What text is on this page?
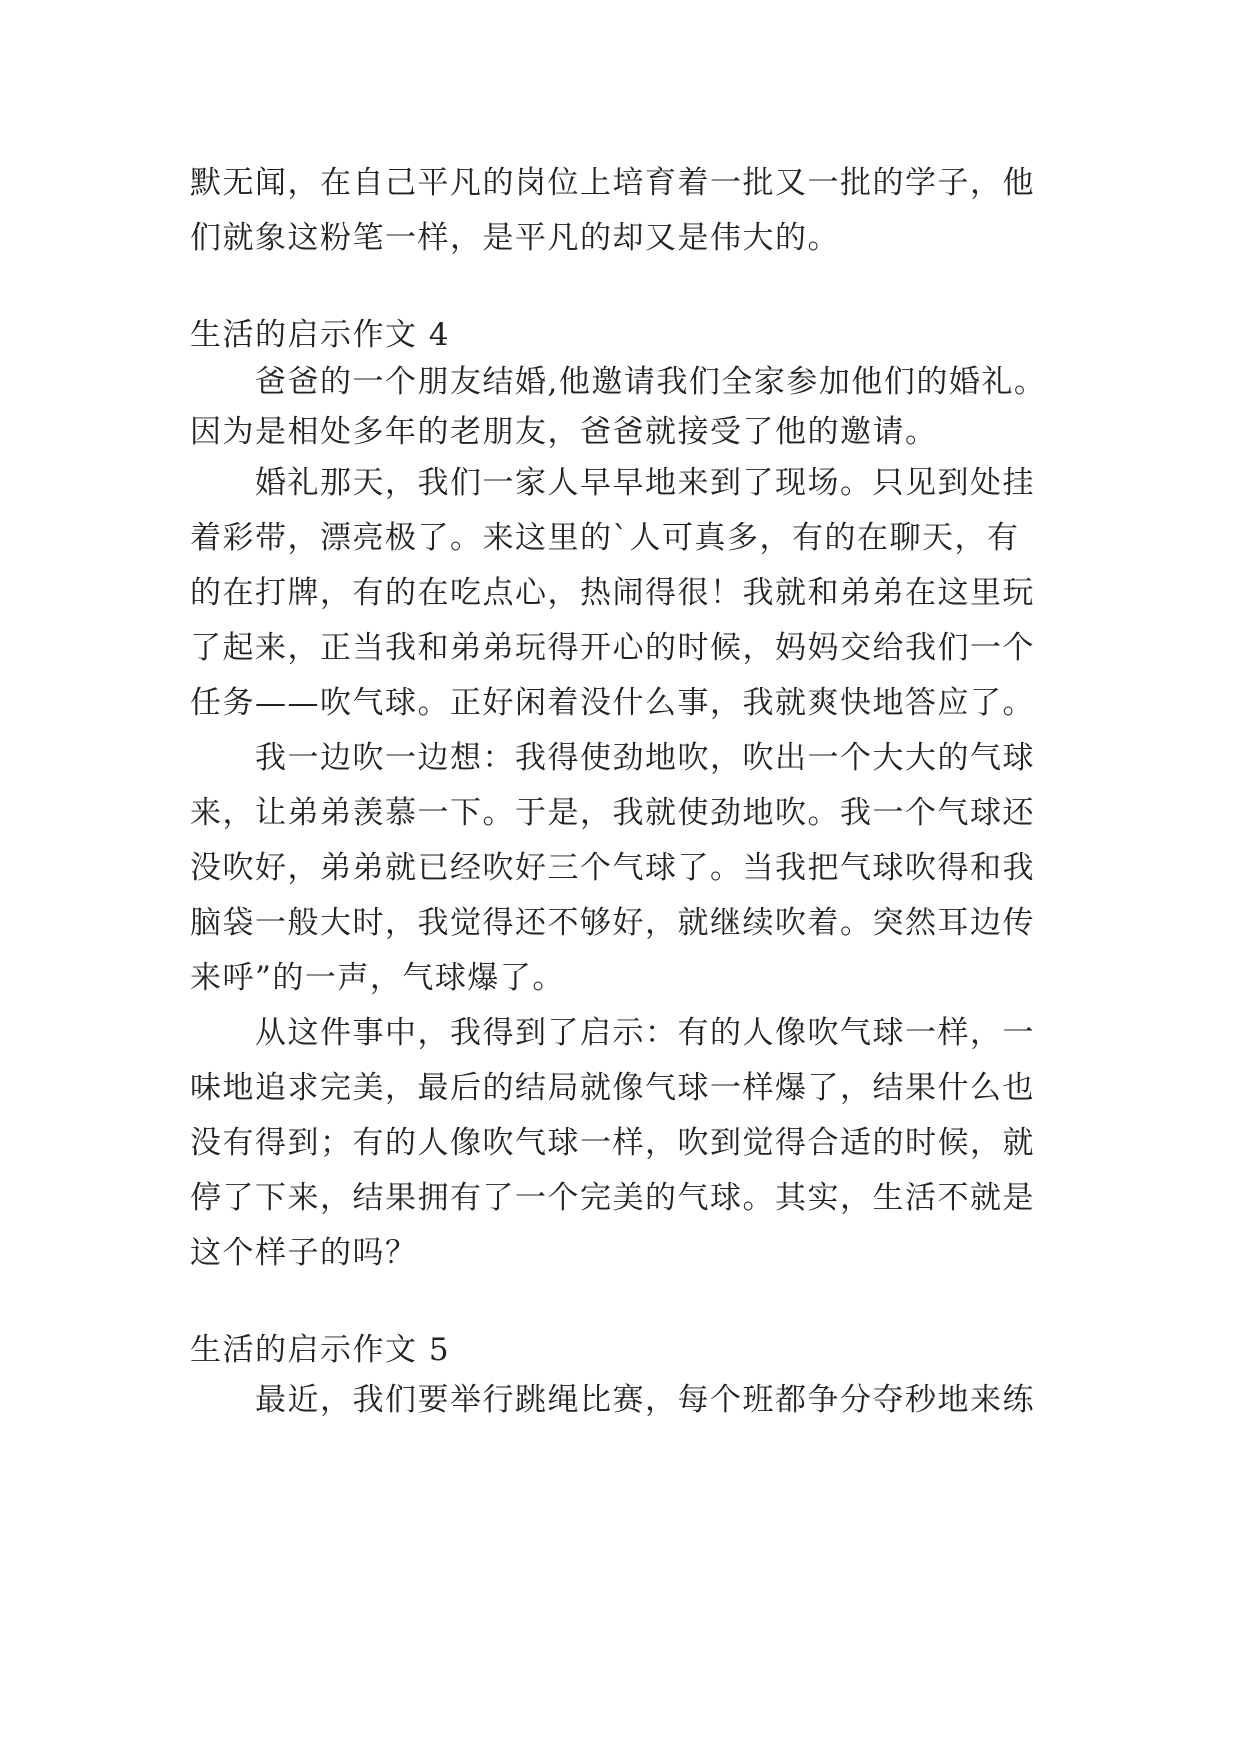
默无闻，在自己平凡的岗位上培育着一批又一批的学子，他
们就象这粉笔一样，是平凡的却又是伟大的。
生活的启示作文 4
爸爸的一个朋友结婚,他邀请我们全家参加他们的婚礼。
因为是相处多年的老朋友，爸爸就接受了他的邀请。
婚礼那天，我们一家人早早地来到了现场。只见到处挂
着彩带，漂亮极了。来这里的`人可真多，有的在聊天，有
的在打牌，有的在吃点心，热闹得很！我就和弟弟在这里玩
了起来，正当我和弟弟玩得开心的时候，妈妈交给我们一个
任务——吹气球。正好闲着没什么事，我就爽快地答应了。
我一边吹一边想：我得使劲地吹，吹出一个大大的气球
来，让弟弟羡慕一下。于是，我就使劲地吹。我一个气球还
没吹好，弟弟就已经吹好三个气球了。当我把气球吹得和我
脑袋一般大时，我觉得还不够好，就继续吹着。突然耳边传
来呼”的一声，气球爆了。
从这件事中，我得到了启示：有的人像吹气球一样，一
味地追求完美，最后的结局就像气球一样爆了，结果什么也
没有得到；有的人像吹气球一样，吹到觉得合适的时候，就
停了下来，结果拥有了一个完美的气球。其实，生活不就是
这个样子的吗？
生活的启示作文 5
最近，我们要举行跳绳比赛，每个班都争分夺秒地来练
